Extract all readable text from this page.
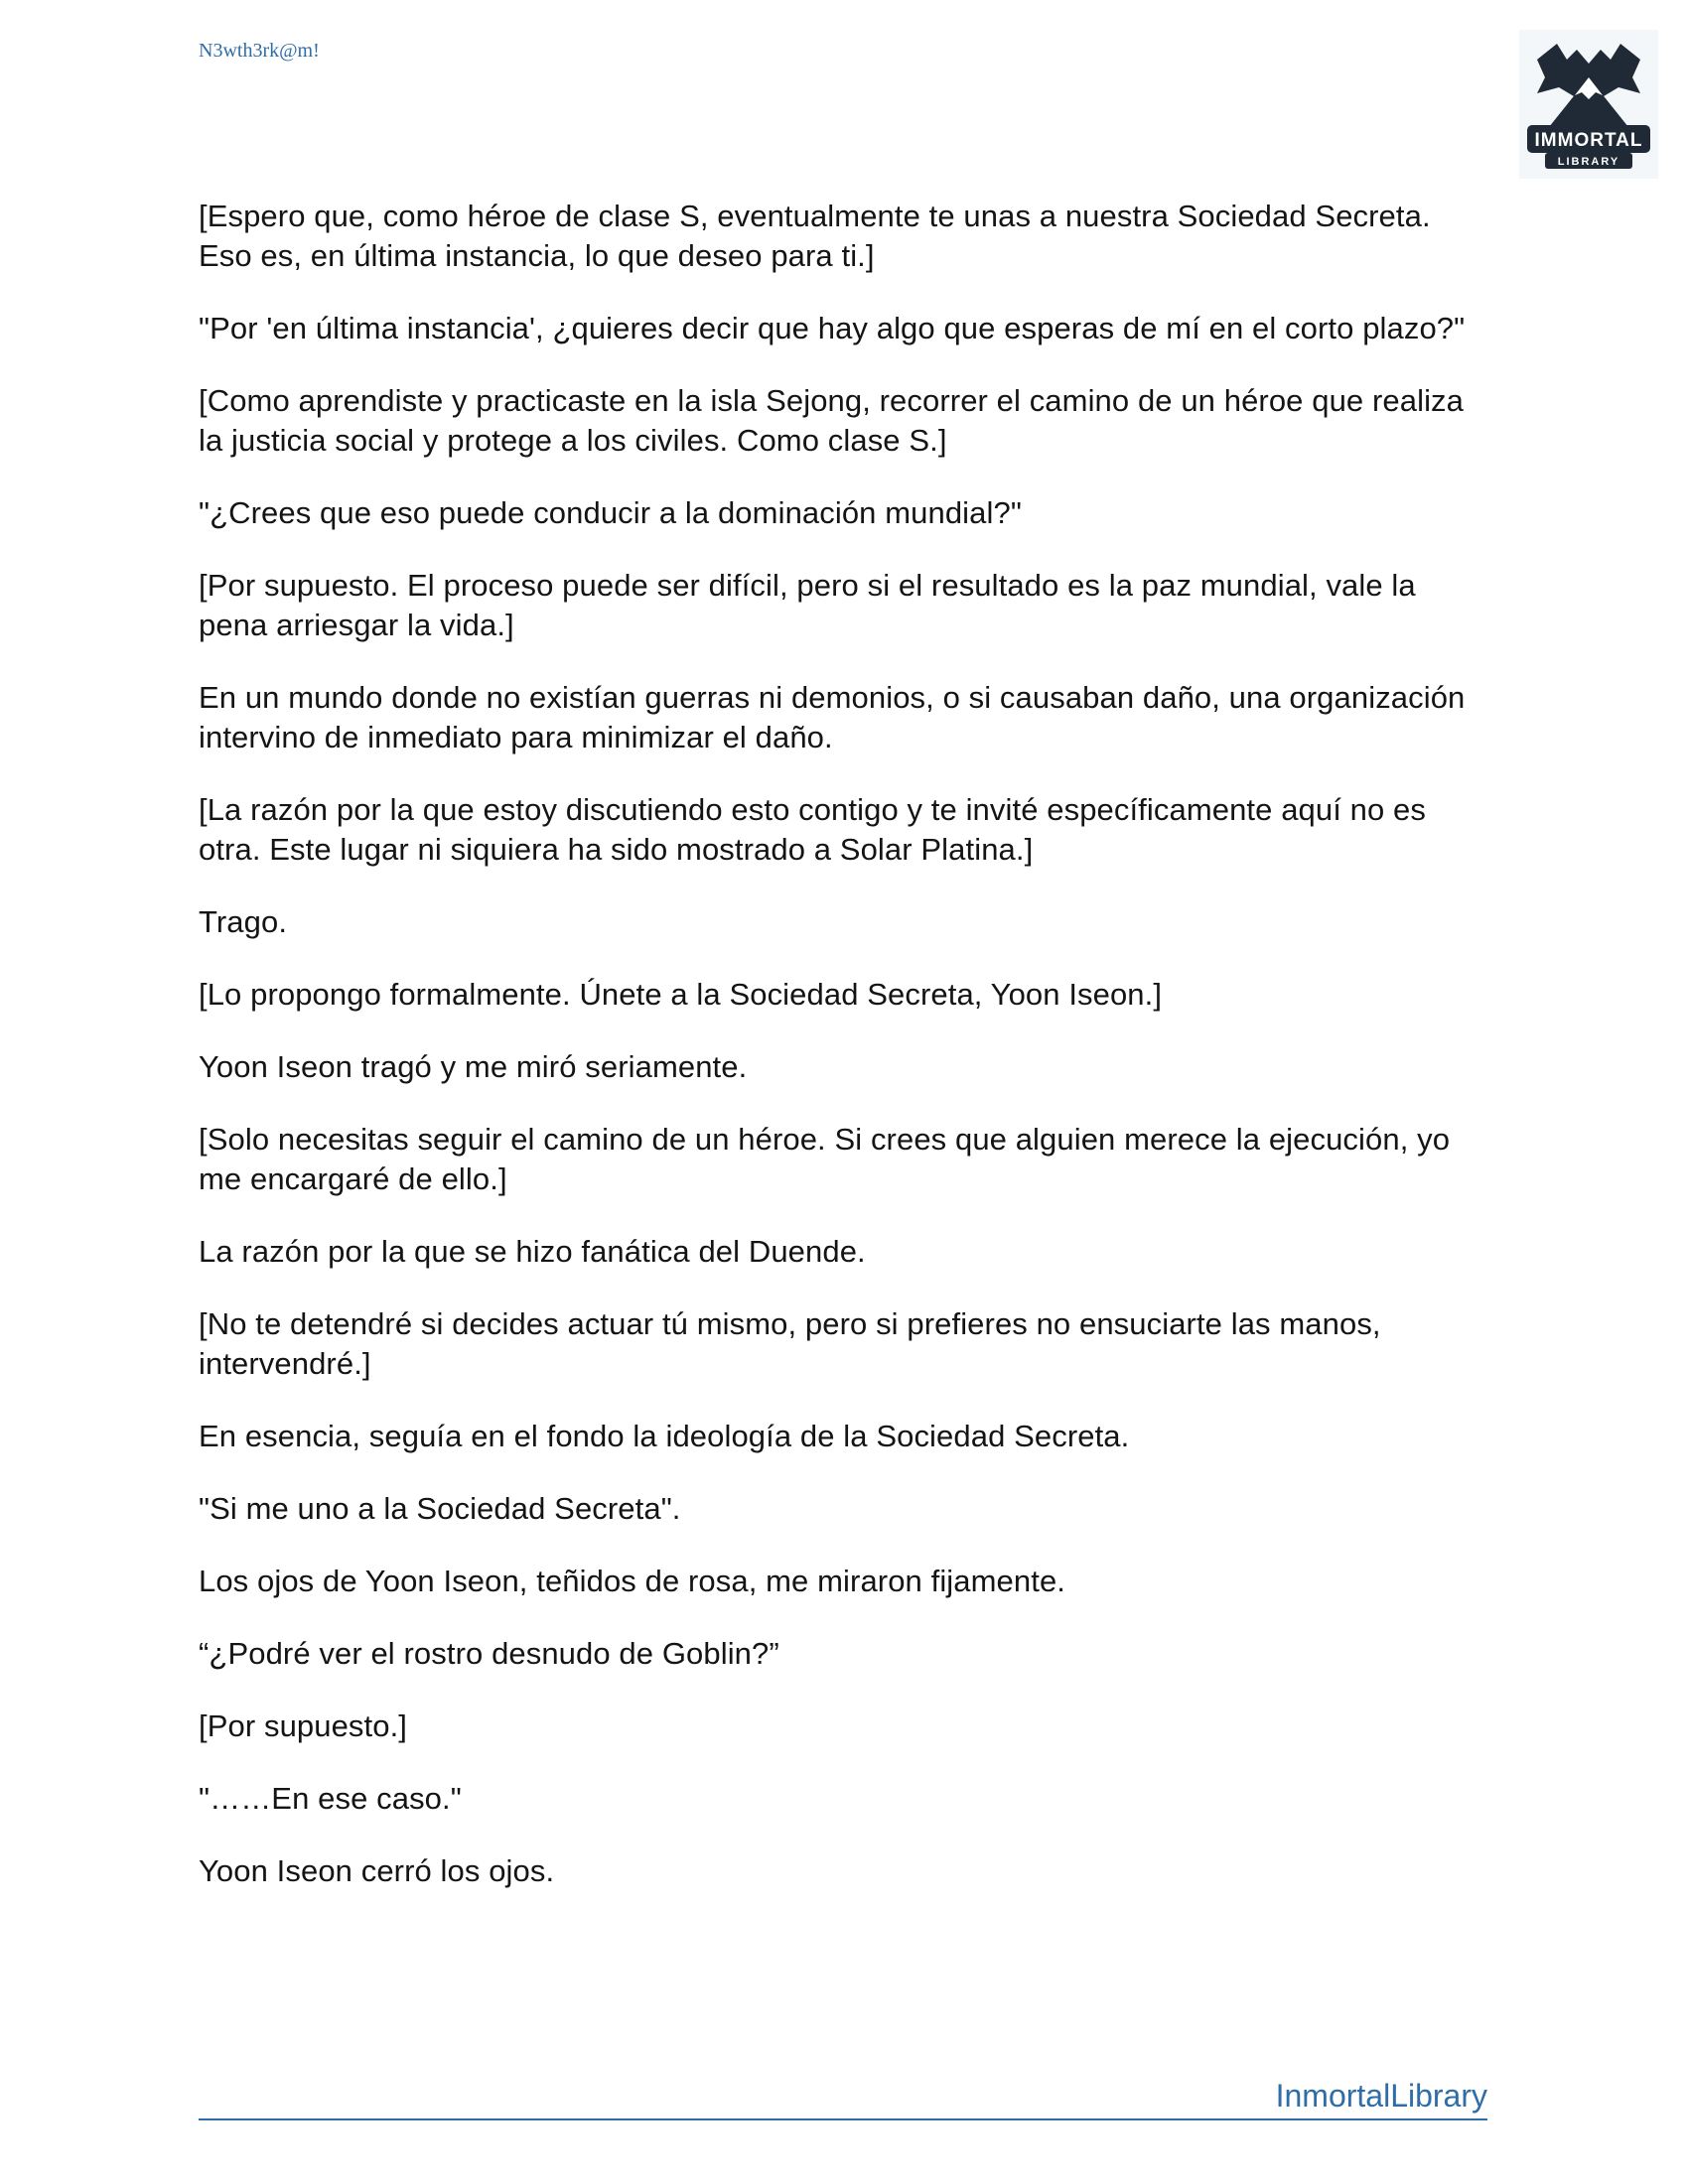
N3wth3rk@m!
IMMORTAL
LIBRARY

[Espero que, como héroe de clase S, eventualmente te unas a nuestra Sociedad Secreta. Eso es, en última instancia, lo que deseo para ti.]

"Por 'en última instancia', ¿quieres decir que hay algo que esperas de mí en el corto plazo?"

[Como aprendiste y practicaste en la isla Sejong, recorrer el camino de un héroe que realiza la justicia social y protege a los civiles. Como clase S.]

"¿Crees que eso puede conducir a la dominación mundial?"

[Por supuesto. El proceso puede ser difícil, pero si el resultado es la paz mundial, vale la pena arriesgar la vida.]

En un mundo donde no existían guerras ni demonios, o si causaban daño, una organización intervino de inmediato para minimizar el daño.

[La razón por la que estoy discutiendo esto contigo y te invité específicamente aquí no es otra. Este lugar ni siquiera ha sido mostrado a Solar Platina.]

Trago.

[Lo propongo formalmente. Únete a la Sociedad Secreta, Yoon Iseon.]

Yoon Iseon tragó y me miró seriamente.

[Solo necesitas seguir el camino de un héroe. Si crees que alguien merece la ejecución, yo me encargaré de ello.]

La razón por la que se hizo fanática del Duende.

[No te detendré si decides actuar tú mismo, pero si prefieres no ensuciarte las manos, intervendré.]

En esencia, seguía en el fondo la ideología de la Sociedad Secreta.

"Si me uno a la Sociedad Secreta".

Los ojos de Yoon Iseon, teñidos de rosa, me miraron fijamente.

“¿Podré ver el rostro desnudo de Goblin?”

[Por supuesto.]

"……En ese caso."

Yoon Iseon cerró los ojos.

InmortalLibrary
